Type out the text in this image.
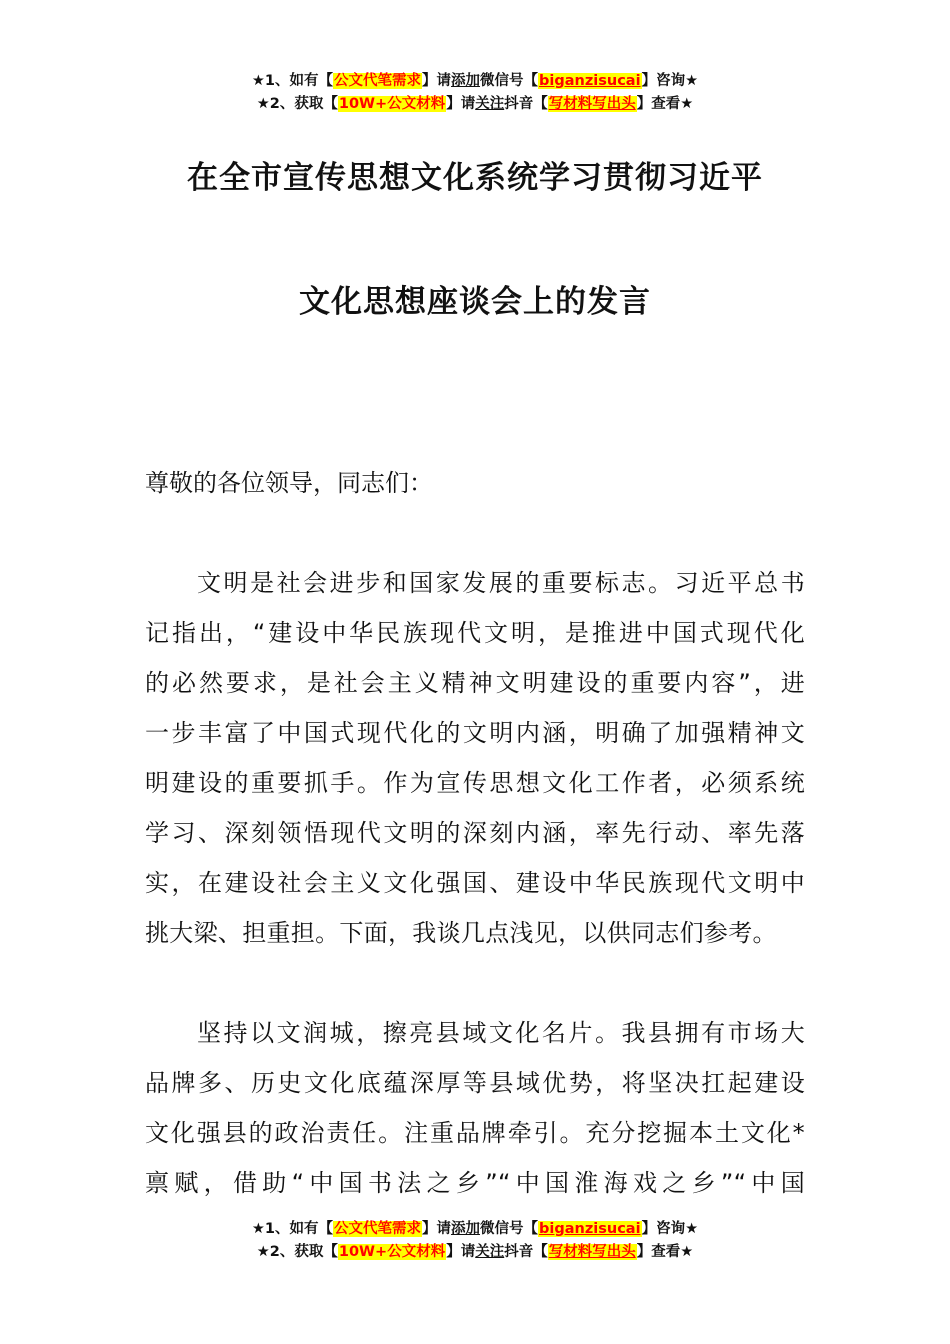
★1、如有【公文代笔需求】请添加微信号【biganzisucai】咨询★
★2、获取【10W+公文材料】请关注抖音【写材料写出头】查看★
在全市宣传思想文化系统学习贯彻习近平
文化思想座谈会上的发言
尊敬的各位领导，同志们：
文明是社会进步和国家发展的重要标志。习近平总书
记指出，“建设中华民族现代文明，是推进中国式现代化
的必然要求，是社会主义精神文明建设的重要内容”，进
一步丰富了中国式现代化的文明内涵，明确了加强精神文
明建设的重要抓手。作为宣传思想文化工作者，必须系统
学习、深刻领悟现代文明的深刻内涵，率先行动、率先落
实，在建设社会主义文化强国、建设中华民族现代文明中
挑大梁、担重担。下面，我谈几点浅见，以供同志们参考。
坚持以文润城，擦亮县域文化名片。我县拥有市场大
品牌多、历史文化底蕴深厚等县域优势，将坚决扛起建设
文化强县的政治责任。注重品牌牵引。充分挖掘本土文化*
禀赋，借助“中国书法之乡”“中国淮海戏之乡”“中国
★1、如有【公文代笔需求】请添加微信号【biganzisucai】咨询★
★2、获取【10W+公文材料】请关注抖音【写材料写出头】查看★
